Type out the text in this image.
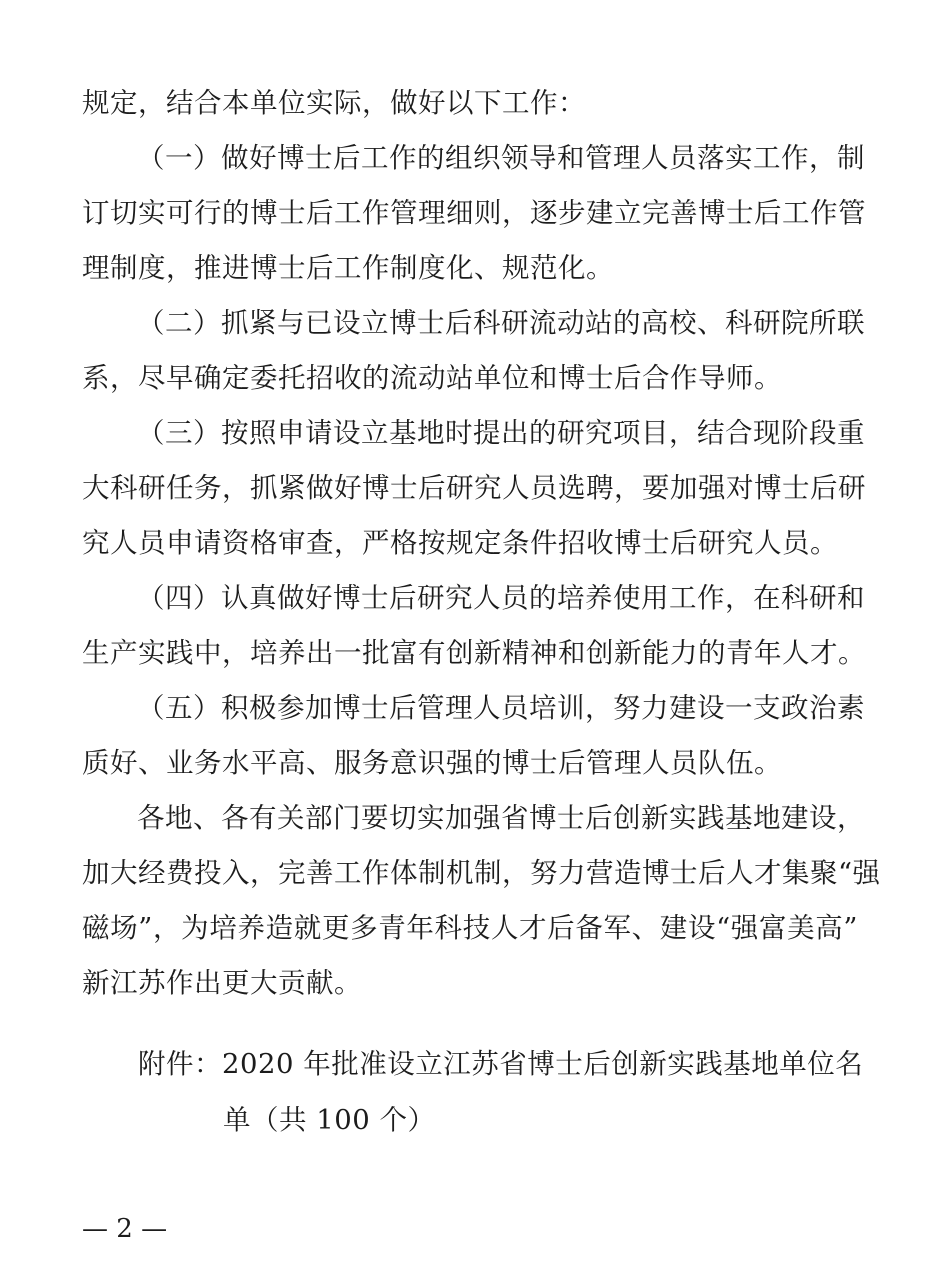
规定，结合本单位实际，做好以下工作：
（一）做好博士后工作的组织领导和管理人员落实工作，制
订切实可行的博士后工作管理细则，逐步建立完善博士后工作管
理制度，推进博士后工作制度化、规范化。
（二）抓紧与已设立博士后科研流动站的高校、科研院所联
系，尽早确定委托招收的流动站单位和博士后合作导师。
（三）按照申请设立基地时提出的研究项目，结合现阶段重
大科研任务，抓紧做好博士后研究人员选聘，要加强对博士后研
究人员申请资格审查，严格按规定条件招收博士后研究人员。
（四）认真做好博士后研究人员的培养使用工作，在科研和
生产实践中，培养出一批富有创新精神和创新能力的青年人才。
（五）积极参加博士后管理人员培训，努力建设一支政治素
质好、业务水平高、服务意识强的博士后管理人员队伍。
各地、各有关部门要切实加强省博士后创新实践基地建设，
加大经费投入，完善工作体制机制，努力营造博士后人才集聚“强
磁场”，为培养造就更多青年科技人才后备军、建设“强富美高”
新江苏作出更大贡献。
附件：2020 年批准设立江苏省博士后创新实践基地单位名
单（共 100 个）
— 2 —
